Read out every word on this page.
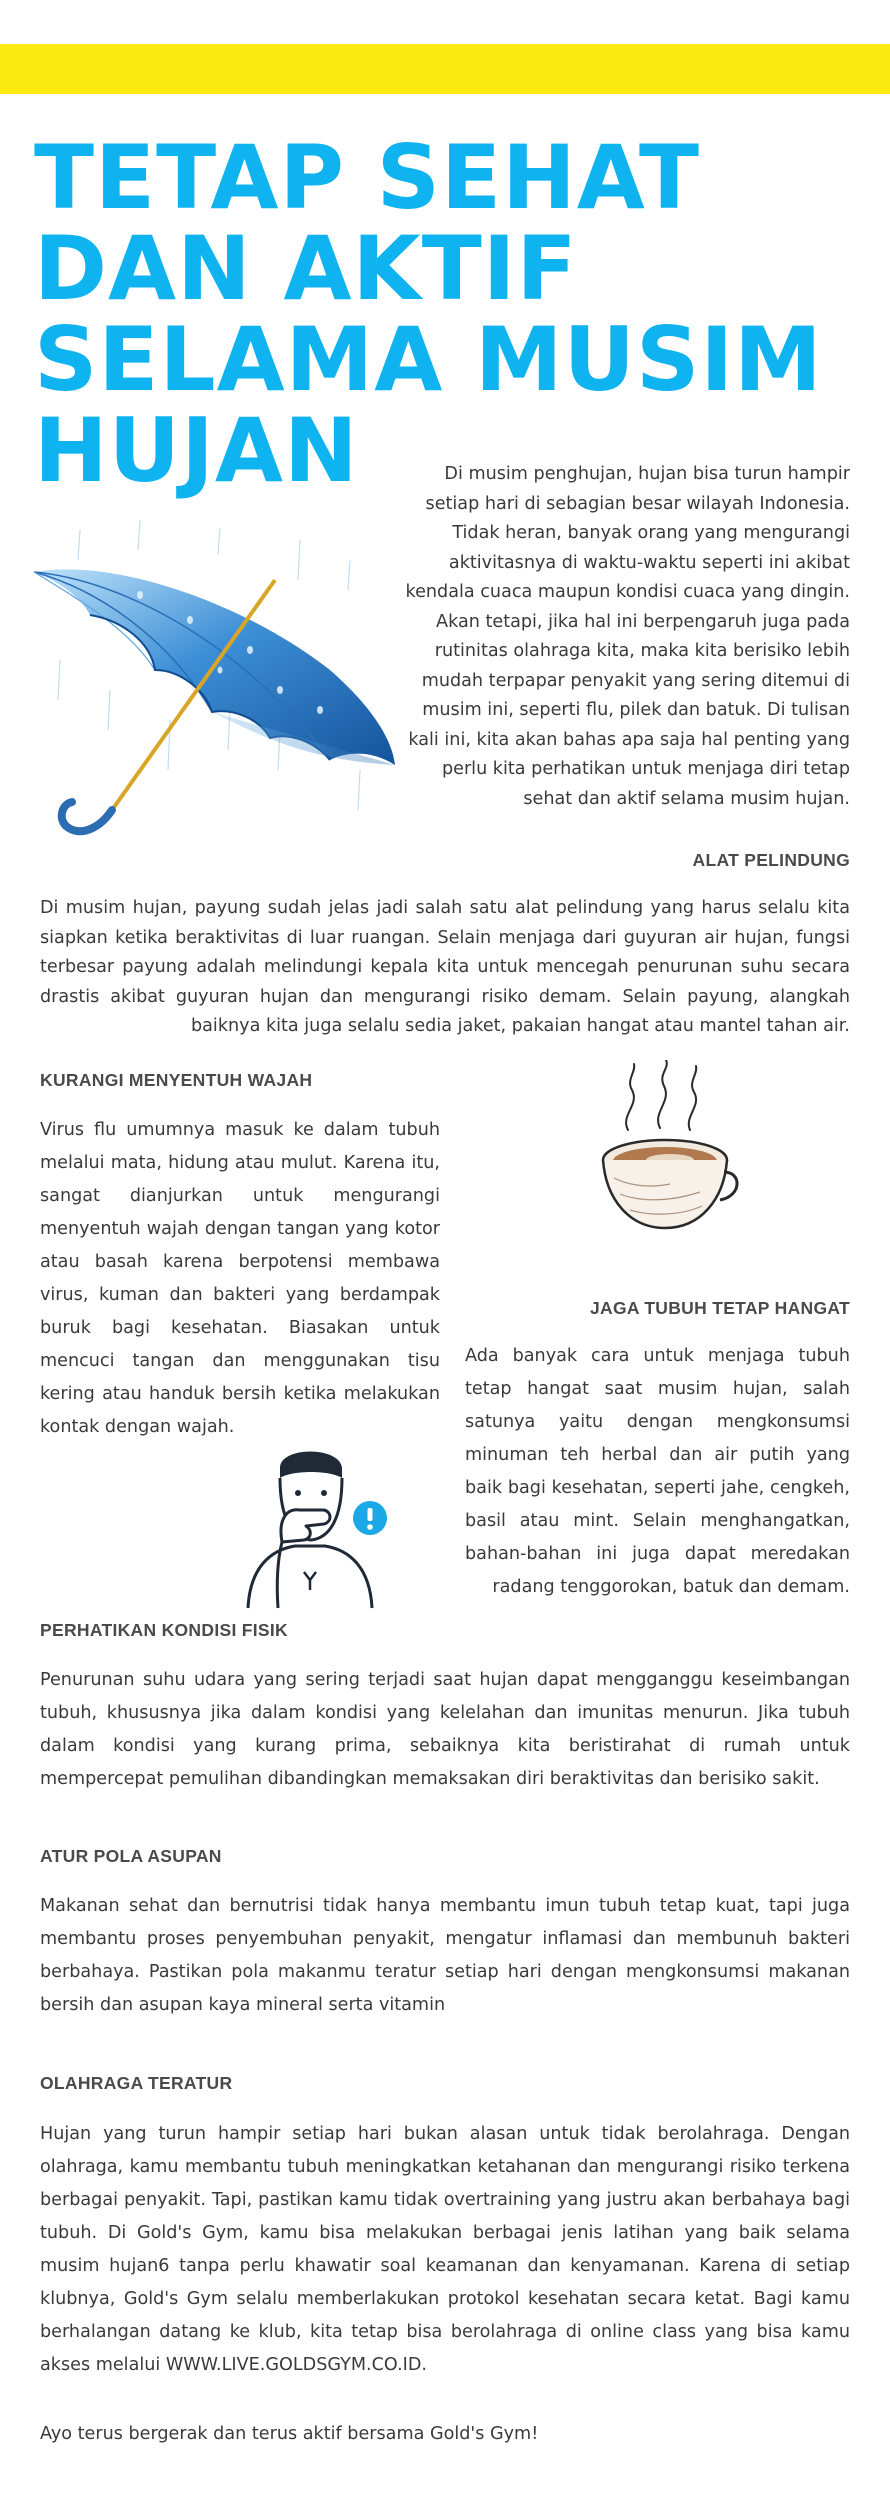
TETAP SEHAT
DAN AKTIF
SELAMA MUSIM
HUJAN	Di musim penghujan, hujan bisa turun hampir setiap hari di sebagian besar wilayah Indonesia. Tidak heran, banyak orang yang mengurangi aktivitasnya di waktu-waktu seperti ini akibat kendala cuaca maupun kondisi cuaca yang dingin. Akan tetapi, jika hal ini berpengaruh juga pada rutinitas olahraga kita, maka kita berisiko lebih mudah terpapar penyakit yang sering ditemui di musim ini, seperti flu, pilek dan batuk. Di tulisan kali ini, kita akan bahas apa saja hal penting yang perlu kita perhatikan untuk menjaga diri tetap sehat dan aktif selama musim hujan.

ALAT PELINDUNG

Di musim hujan, payung sudah jelas jadi salah satu alat pelindung yang harus selalu kita siapkan ketika beraktivitas di luar ruangan. Selain menjaga dari guyuran air hujan, fungsi terbesar payung adalah melindungi kepala kita untuk mencegah penurunan suhu secara drastis akibat guyuran hujan dan mengurangi risiko demam. Selain payung, alangkah baiknya kita juga selalu sedia jaket, pakaian hangat atau mantel tahan air.

KURANGI MENYENTUH WAJAH

Virus flu umumnya masuk ke dalam tubuh melalui mata, hidung atau mulut. Karena itu, sangat dianjurkan untuk mengurangi menyentuh wajah dengan tangan yang kotor atau basah karena berpotensi membawa virus, kuman dan bakteri yang berdampak buruk bagi kesehatan. Biasakan untuk mencuci tangan dan menggunakan tisu kering atau handuk bersih ketika melakukan kontak dengan wajah.

JAGA TUBUH TETAP HANGAT

Ada banyak cara untuk menjaga tubuh tetap hangat saat musim hujan, salah satunya yaitu dengan mengkonsumsi minuman teh herbal dan air putih yang baik bagi kesehatan, seperti jahe, cengkeh, basil atau mint. Selain menghangatkan, bahan-bahan ini juga dapat meredakan radang tenggorokan, batuk dan demam.

PERHATIKAN KONDISI FISIK

Penurunan suhu udara yang sering terjadi saat hujan dapat mengganggu keseimbangan tubuh, khususnya jika dalam kondisi yang kelelahan dan imunitas menurun. Jika tubuh dalam kondisi yang kurang prima, sebaiknya kita beristirahat di rumah untuk mempercepat pemulihan dibandingkan memaksakan diri beraktivitas dan berisiko sakit.

ATUR POLA ASUPAN

Makanan sehat dan bernutrisi tidak hanya membantu imun tubuh tetap kuat, tapi juga membantu proses penyembuhan penyakit, mengatur inflamasi dan membunuh bakteri berbahaya. Pastikan pola makanmu teratur setiap hari dengan mengkonsumsi makanan bersih dan asupan kaya mineral serta vitamin

OLAHRAGA TERATUR

Hujan yang turun hampir setiap hari bukan alasan untuk tidak berolahraga. Dengan olahraga, kamu membantu tubuh meningkatkan ketahanan dan mengurangi risiko terkena berbagai penyakit. Tapi, pastikan kamu tidak overtraining yang justru akan berbahaya bagi tubuh. Di Gold's Gym, kamu bisa melakukan berbagai jenis latihan yang baik selama musim hujan6 tanpa perlu khawatir soal keamanan dan kenyamanan. Karena di setiap klubnya, Gold's Gym selalu memberlakukan protokol kesehatan secara ketat. Bagi kamu berhalangan datang ke klub, kita tetap bisa berolahraga di online class yang bisa kamu akses melalui WWW.LIVE.GOLDSGYM.CO.ID.

Ayo terus bergerak dan terus aktif bersama Gold's Gym!
